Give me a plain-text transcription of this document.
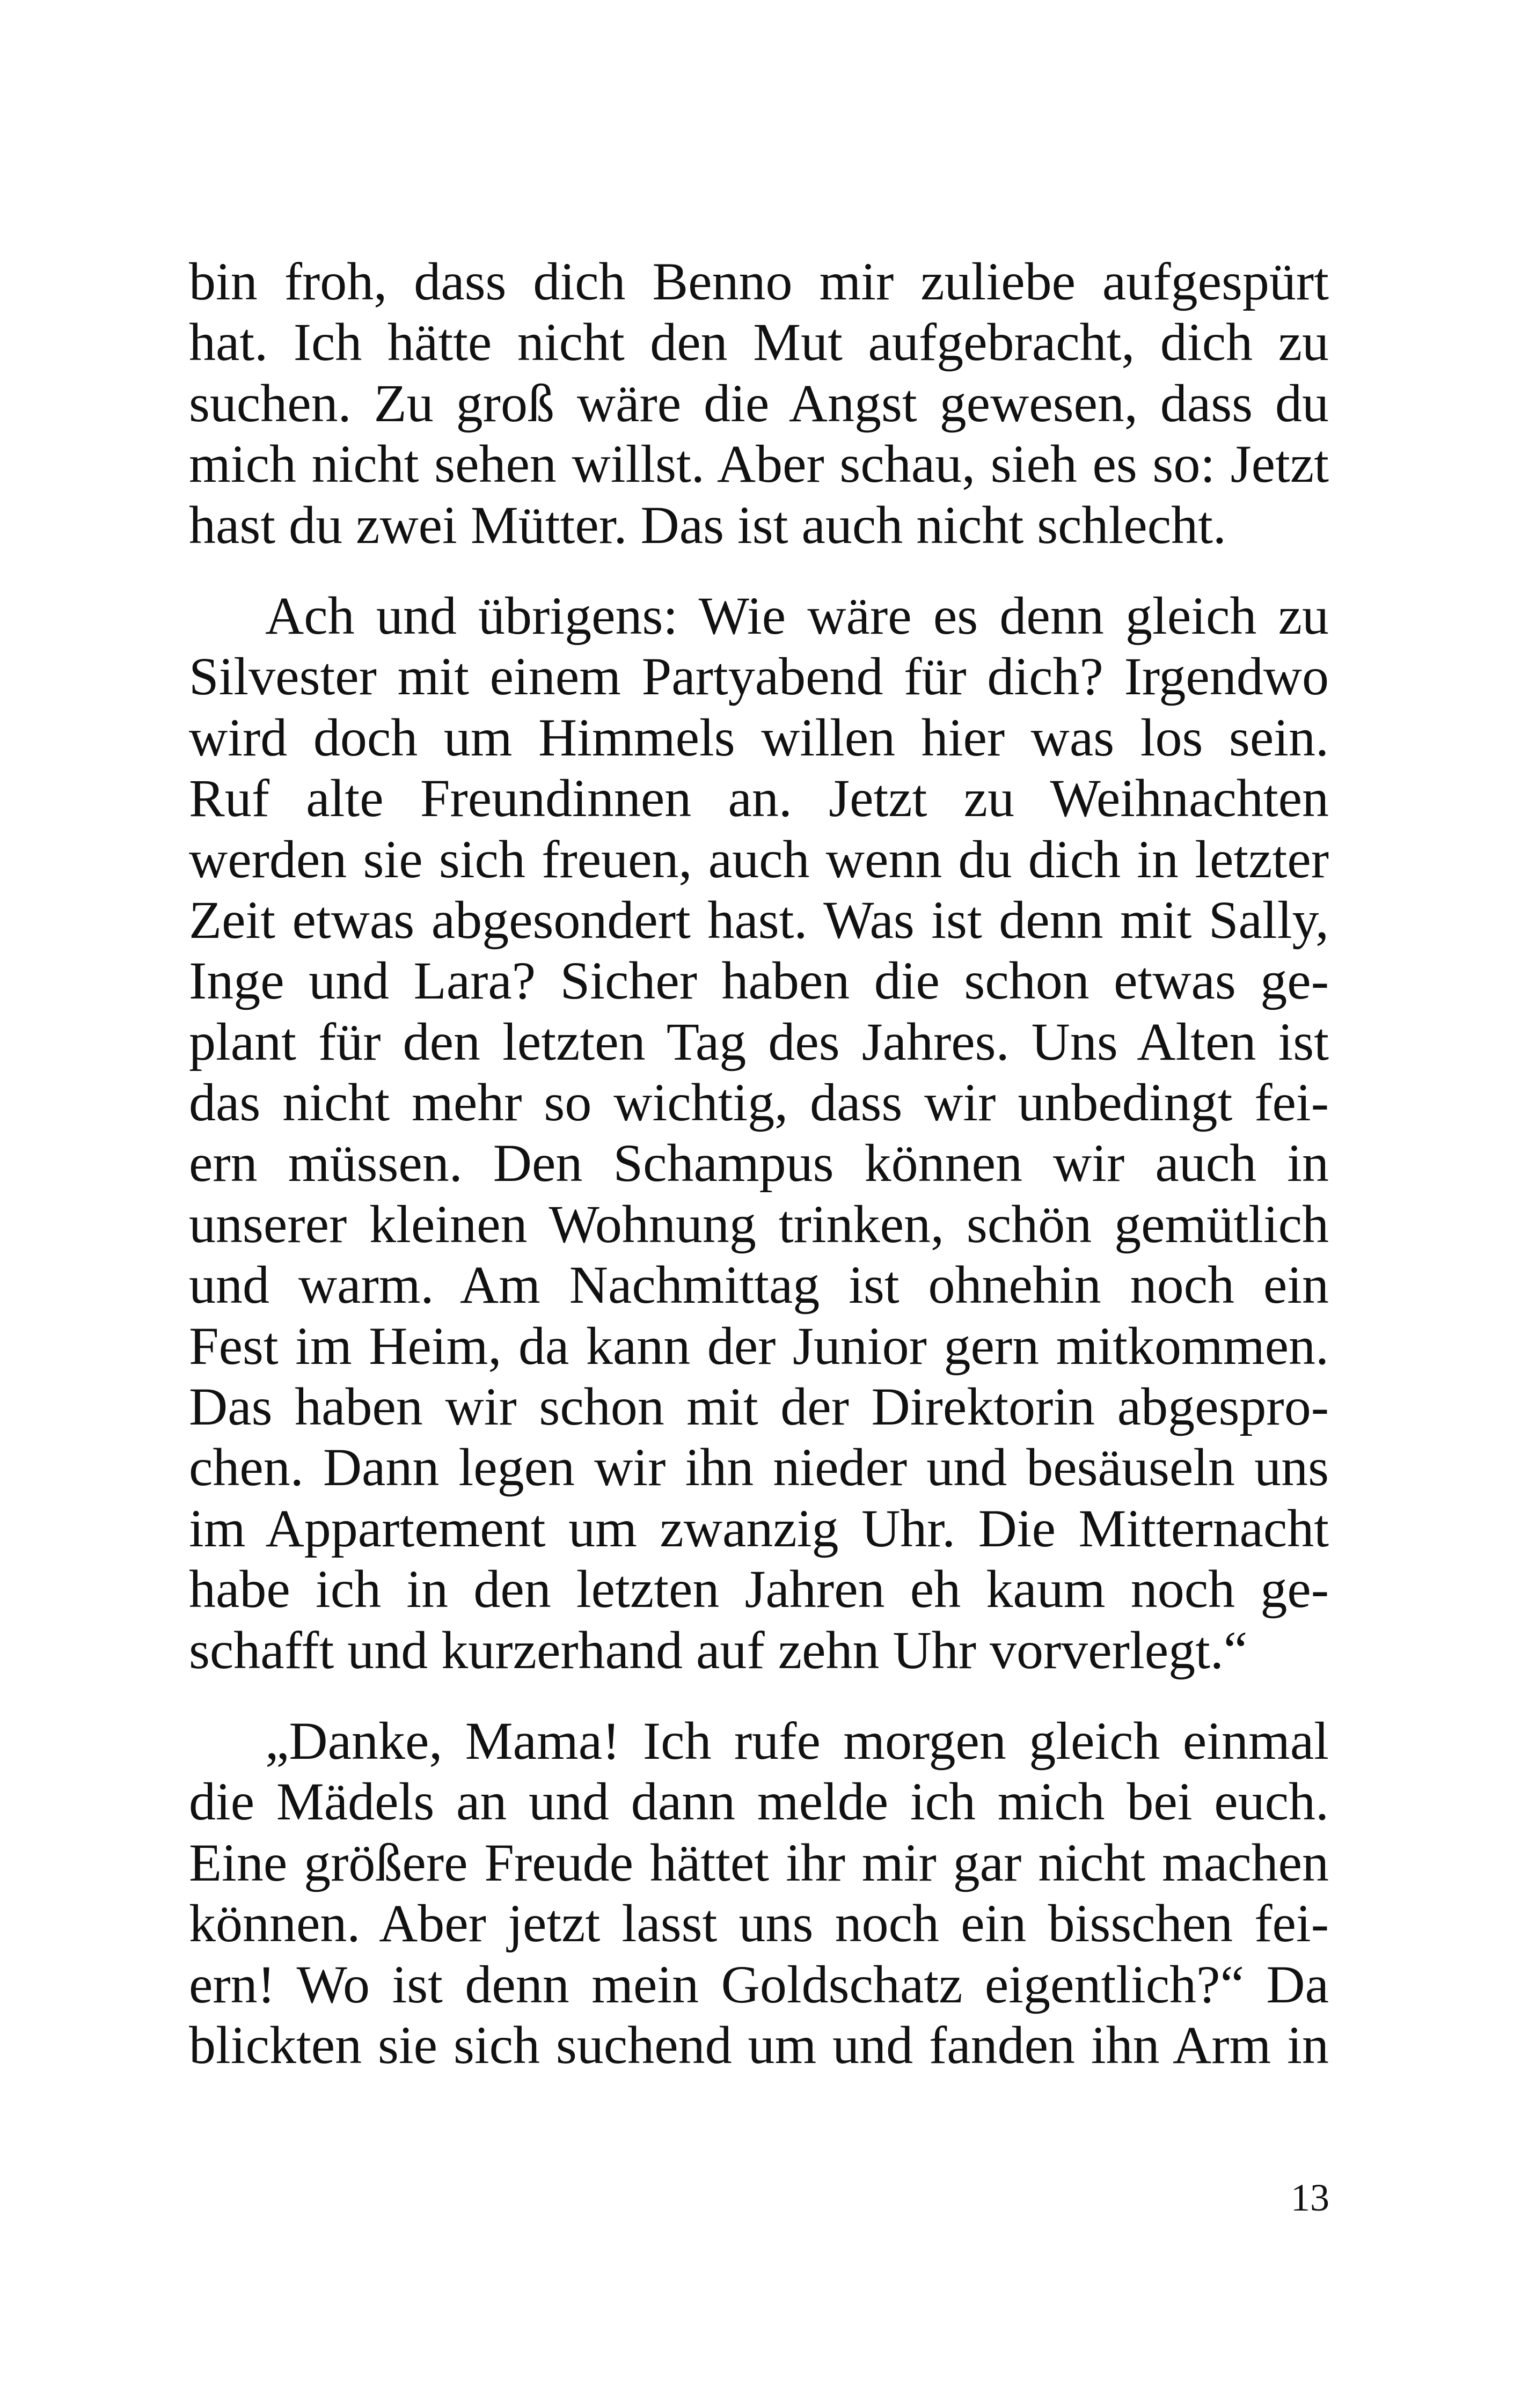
bin froh, dass dich Benno mir zuliebe aufgespürt
hat. Ich hätte nicht den Mut aufgebracht, dich zu
suchen. Zu groß wäre die Angst gewesen, dass du
mich nicht sehen willst. Aber schau, sieh es so: Jetzt
hast du zwei Mütter. Das ist auch nicht schlecht.
Ach und übrigens: Wie wäre es denn gleich zu
Silvester mit einem Partyabend für dich? Irgendwo
wird doch um Himmels willen hier was los sein.
Ruf alte Freundinnen an. Jetzt zu Weihnachten
werden sie sich freuen, auch wenn du dich in letzter
Zeit etwas abgesondert hast. Was ist denn mit Sally,
Inge und Lara? Sicher haben die schon etwas ge-
plant für den letzten Tag des Jahres. Uns Alten ist
das nicht mehr so wichtig, dass wir unbedingt fei-
ern müssen. Den Schampus können wir auch in
unserer kleinen Wohnung trinken, schön gemütlich
und warm. Am Nachmittag ist ohnehin noch ein
Fest im Heim, da kann der Junior gern mitkommen.
Das haben wir schon mit der Direktorin abgespro-
chen. Dann legen wir ihn nieder und besäuseln uns
im Appartement um zwanzig Uhr. Die Mitternacht
habe ich in den letzten Jahren eh kaum noch ge-
schafft und kurzerhand auf zehn Uhr vorverlegt.“
„Danke, Mama! Ich rufe morgen gleich einmal
die Mädels an und dann melde ich mich bei euch.
Eine größere Freude hättet ihr mir gar nicht machen
können. Aber jetzt lasst uns noch ein bisschen fei-
ern! Wo ist denn mein Goldschatz eigentlich?“ Da
blickten sie sich suchend um und fanden ihn Arm in
13
